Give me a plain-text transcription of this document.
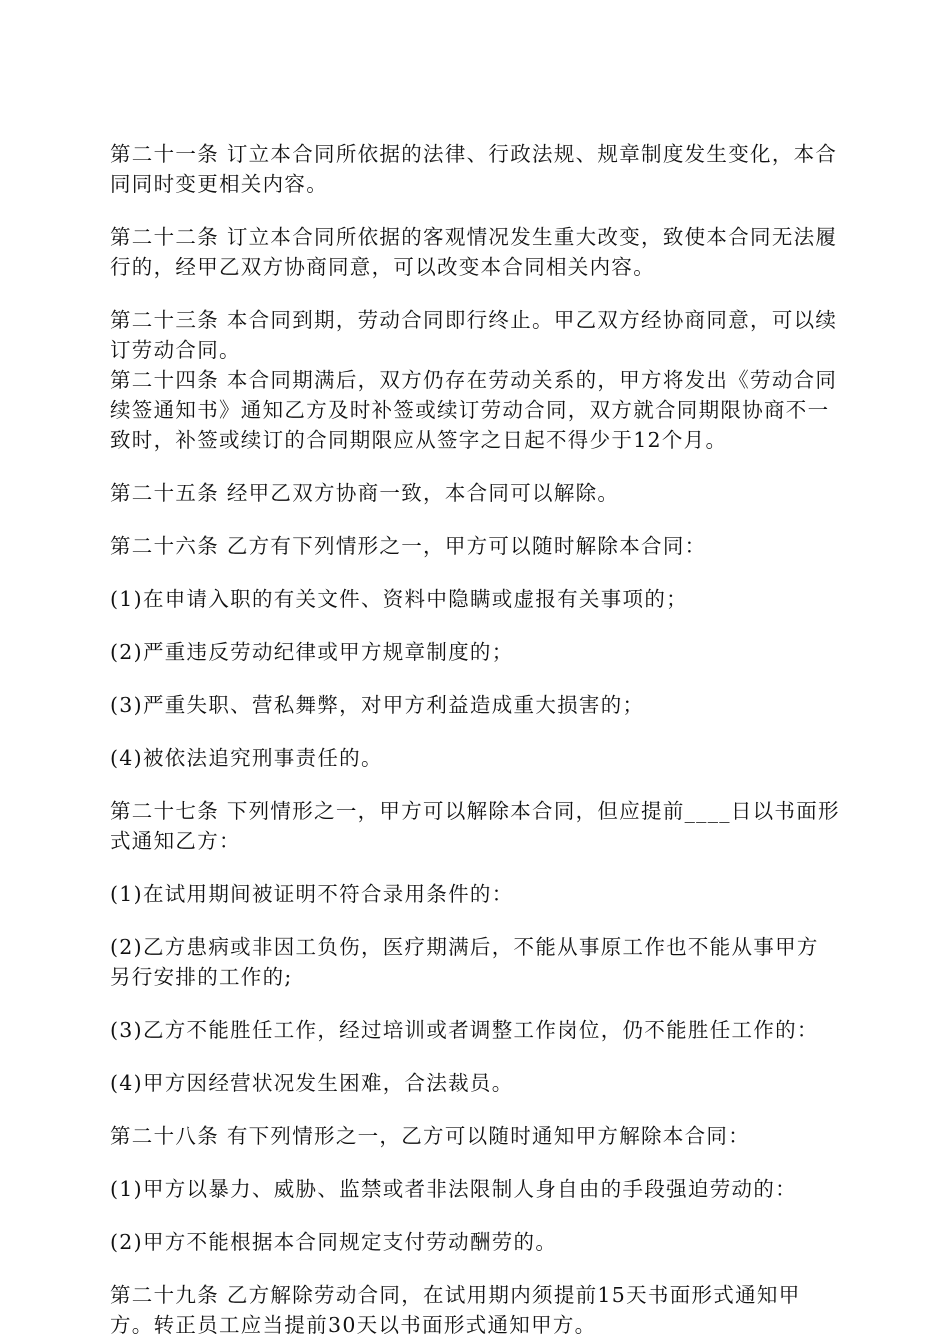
第二十一条 订立本合同所依据的法律、行政法规、规章制度发生变化，本合同同时变更相关内容。

第二十二条 订立本合同所依据的客观情况发生重大改变，致使本合同无法履行的，经甲乙双方协商同意，可以改变本合同相关内容。

第二十三条 本合同到期，劳动合同即行终止。甲乙双方经协商同意，可以续订劳动合同。

第二十四条 本合同期满后，双方仍存在劳动关系的，甲方将发出《劳动合同续签通知书》通知乙方及时补签或续订劳动合同，双方就合同期限协商不一致时，补签或续订的合同期限应从签字之日起不得少于12个月。

第二十五条 经甲乙双方协商一致，本合同可以解除。

第二十六条 乙方有下列情形之一，甲方可以随时解除本合同：

(1)在申请入职的有关文件、资料中隐瞒或虚报有关事项的；

(2)严重违反劳动纪律或甲方规章制度的；

(3)严重失职、营私舞弊，对甲方利益造成重大损害的；

(4)被依法追究刑事责任的。

第二十七条 下列情形之一，甲方可以解除本合同，但应提前____日以书面形式通知乙方：

(1)在试用期间被证明不符合录用条件的：

(2)乙方患病或非因工负伤，医疗期满后，不能从事原工作也不能从事甲方另行安排的工作的;

(3)乙方不能胜任工作，经过培训或者调整工作岗位，仍不能胜任工作的：

(4)甲方因经营状况发生困难，合法裁员。

第二十八条 有下列情形之一，乙方可以随时通知甲方解除本合同：

(1)甲方以暴力、威胁、监禁或者非法限制人身自由的手段强迫劳动的：

(2)甲方不能根据本合同规定支付劳动酬劳的。

第二十九条 乙方解除劳动合同，在试用期内须提前15天书面形式通知甲方。转正员工应当提前30天以书面形式通知甲方。
